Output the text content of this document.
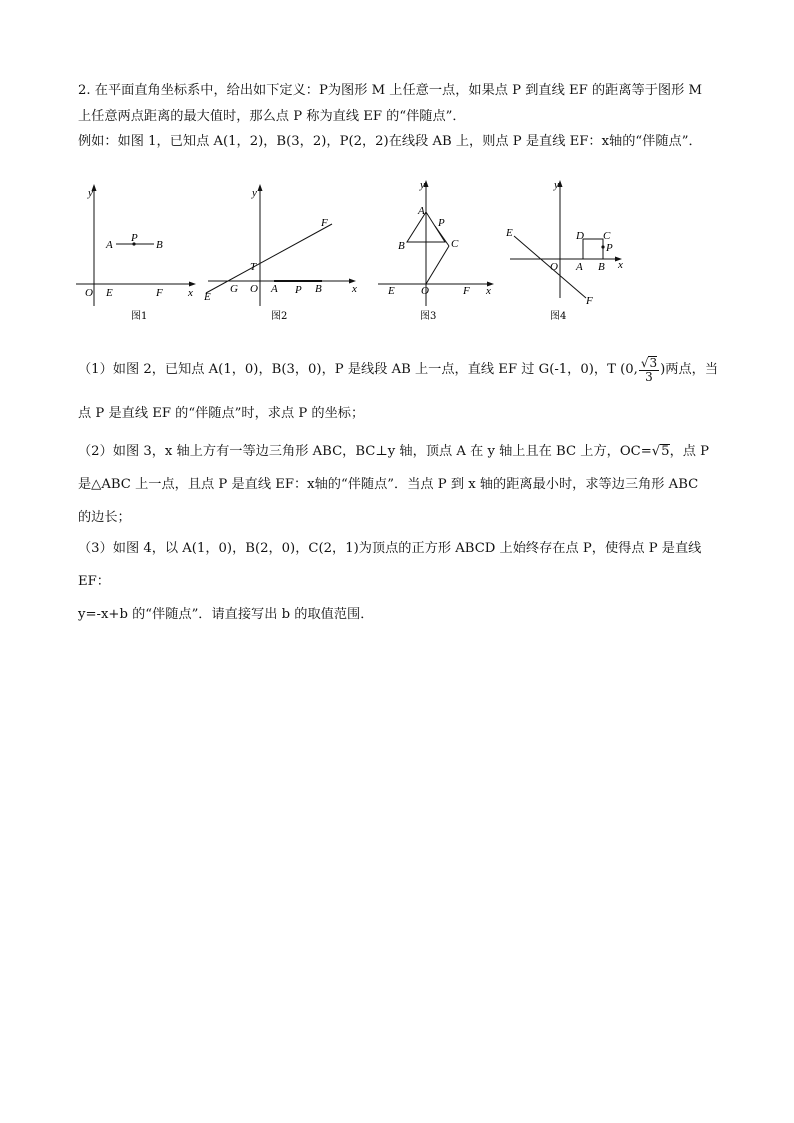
2. 在平面直角坐标系中，给出如下定义：P为图形 M 上任意一点，如果点 P 到直线 EF 的距离等于图形 M
上任意两点距离的最大值时，那么点 P 称为直线 EF 的“伴随点”．
例如：如图 1，已知点 A(1，2)，B(3，2)，P(2，2)在线段 AB 上，则点 P 是直线 EF：x轴的“伴随点”．
y
x
O E	F
A
P
B
图1
y
x
F
T
E
G O A P B
图2
y
x
A
P
B	C
E O	F
图3
y
x
D C
P
E
O A B
F
图4
（1）如图 2，已知点 A(1，0)，B(3，0)，P 是线段 AB 上一点，直线 EF 过 G(-1，0)，T (0, $\frac{√3}{3}$ )两点，当
点 P 是直线 EF 的“伴随点”时，求点 P 的坐标；
（2）如图 3，x 轴上方有一等边三角形 ABC，BC⊥y 轴，顶点 A 在 y 轴上且在 BC 上方，OC=√5，点 P
是△ABC 上一点，且点 P 是直线 EF：x轴的“伴随点”．当点 P 到 x 轴的距离最小时，求等边三角形 ABC
的边长；
（3）如图 4，以 A(1，0)，B(2，0)，C(2，1)为顶点的正方形 ABCD 上始终存在点 P，使得点 P 是直线
EF：
y=-x+b 的“伴随点”．请直接写出 b 的取值范围．
